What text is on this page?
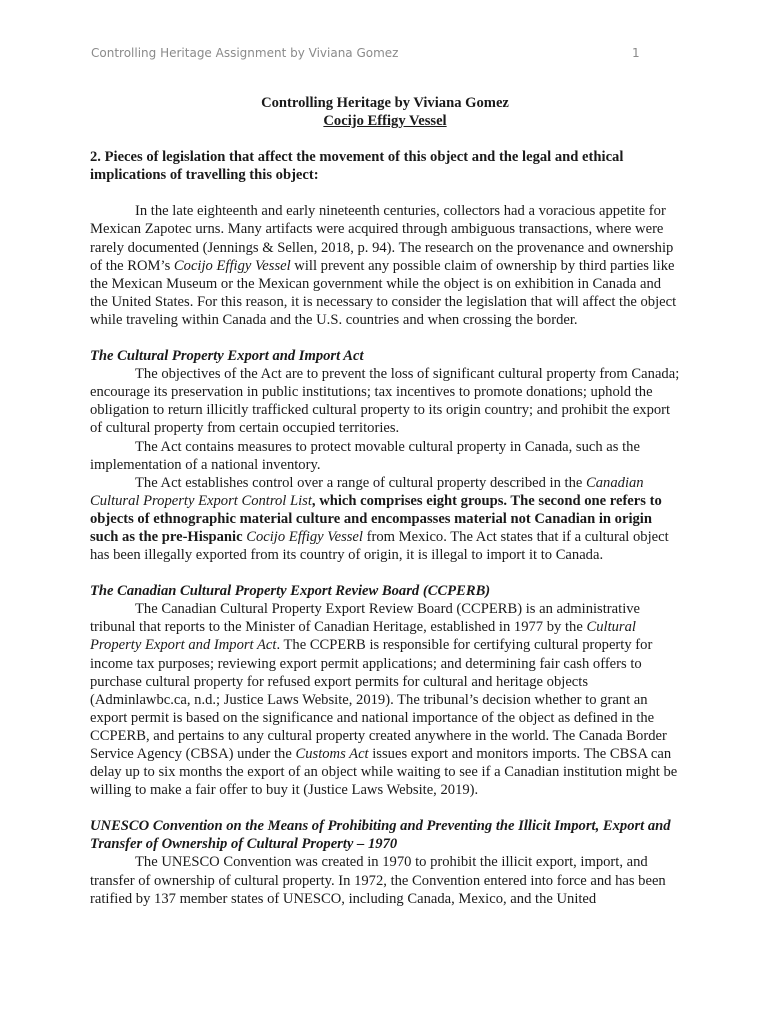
Controlling Heritage Assignment by Viviana Gomez	1

Controlling Heritage by Viviana Gomez

Cocijo Effigy Vessel

2. Pieces of legislation that affect the movement of this object and the legal and ethical implications of travelling this object:

In the late eighteenth and early nineteenth centuries, collectors had a voracious appetite for Mexican Zapotec urns. Many artifacts were acquired through ambiguous transactions, where were rarely documented (Jennings & Sellen, 2018, p. 94). The research on the provenance and ownership of the ROM’s Cocijo Effigy Vessel will prevent any possible claim of ownership by third parties like the Mexican Museum or the Mexican government while the object is on exhibition in Canada and the United States. For this reason, it is necessary to consider the legislation that will affect the object while traveling within Canada and the U.S. countries and when crossing the border.

The Cultural Property Export and Import Act

The objectives of the Act are to prevent the loss of significant cultural property from Canada; encourage its preservation in public institutions; tax incentives to promote donations; uphold the obligation to return illicitly trafficked cultural property to its origin country; and prohibit the export of cultural property from certain occupied territories.

The Act contains measures to protect movable cultural property in Canada, such as the implementation of a national inventory.

The Act establishes control over a range of cultural property described in the Canadian Cultural Property Export Control List, which comprises eight groups. The second one refers to objects of ethnographic material culture and encompasses material not Canadian in origin such as the pre-Hispanic Cocijo Effigy Vessel from Mexico. The Act states that if a cultural object has been illegally exported from its country of origin, it is illegal to import it to Canada.

The Canadian Cultural Property Export Review Board (CCPERB)

The Canadian Cultural Property Export Review Board (CCPERB) is an administrative tribunal that reports to the Minister of Canadian Heritage, established in 1977 by the Cultural Property Export and Import Act. The CCPERB is responsible for certifying cultural property for income tax purposes; reviewing export permit applications; and determining fair cash offers to purchase cultural property for refused export permits for cultural and heritage objects (Adminlawbc.ca, n.d.; Justice Laws Website, 2019). The tribunal’s decision whether to grant an export permit is based on the significance and national importance of the object as defined in the CCPERB, and pertains to any cultural property created anywhere in the world. The Canada Border Service Agency (CBSA) under the Customs Act issues export and monitors imports. The CBSA can delay up to six months the export of an object while waiting to see if a Canadian institution might be willing to make a fair offer to buy it (Justice Laws Website, 2019).

UNESCO Convention on the Means of Prohibiting and Preventing the Illicit Import, Export and Transfer of Ownership of Cultural Property – 1970

The UNESCO Convention was created in 1970 to prohibit the illicit export, import, and transfer of ownership of cultural property. In 1972, the Convention entered into force and has been ratified by 137 member states of UNESCO, including Canada, Mexico, and the United
